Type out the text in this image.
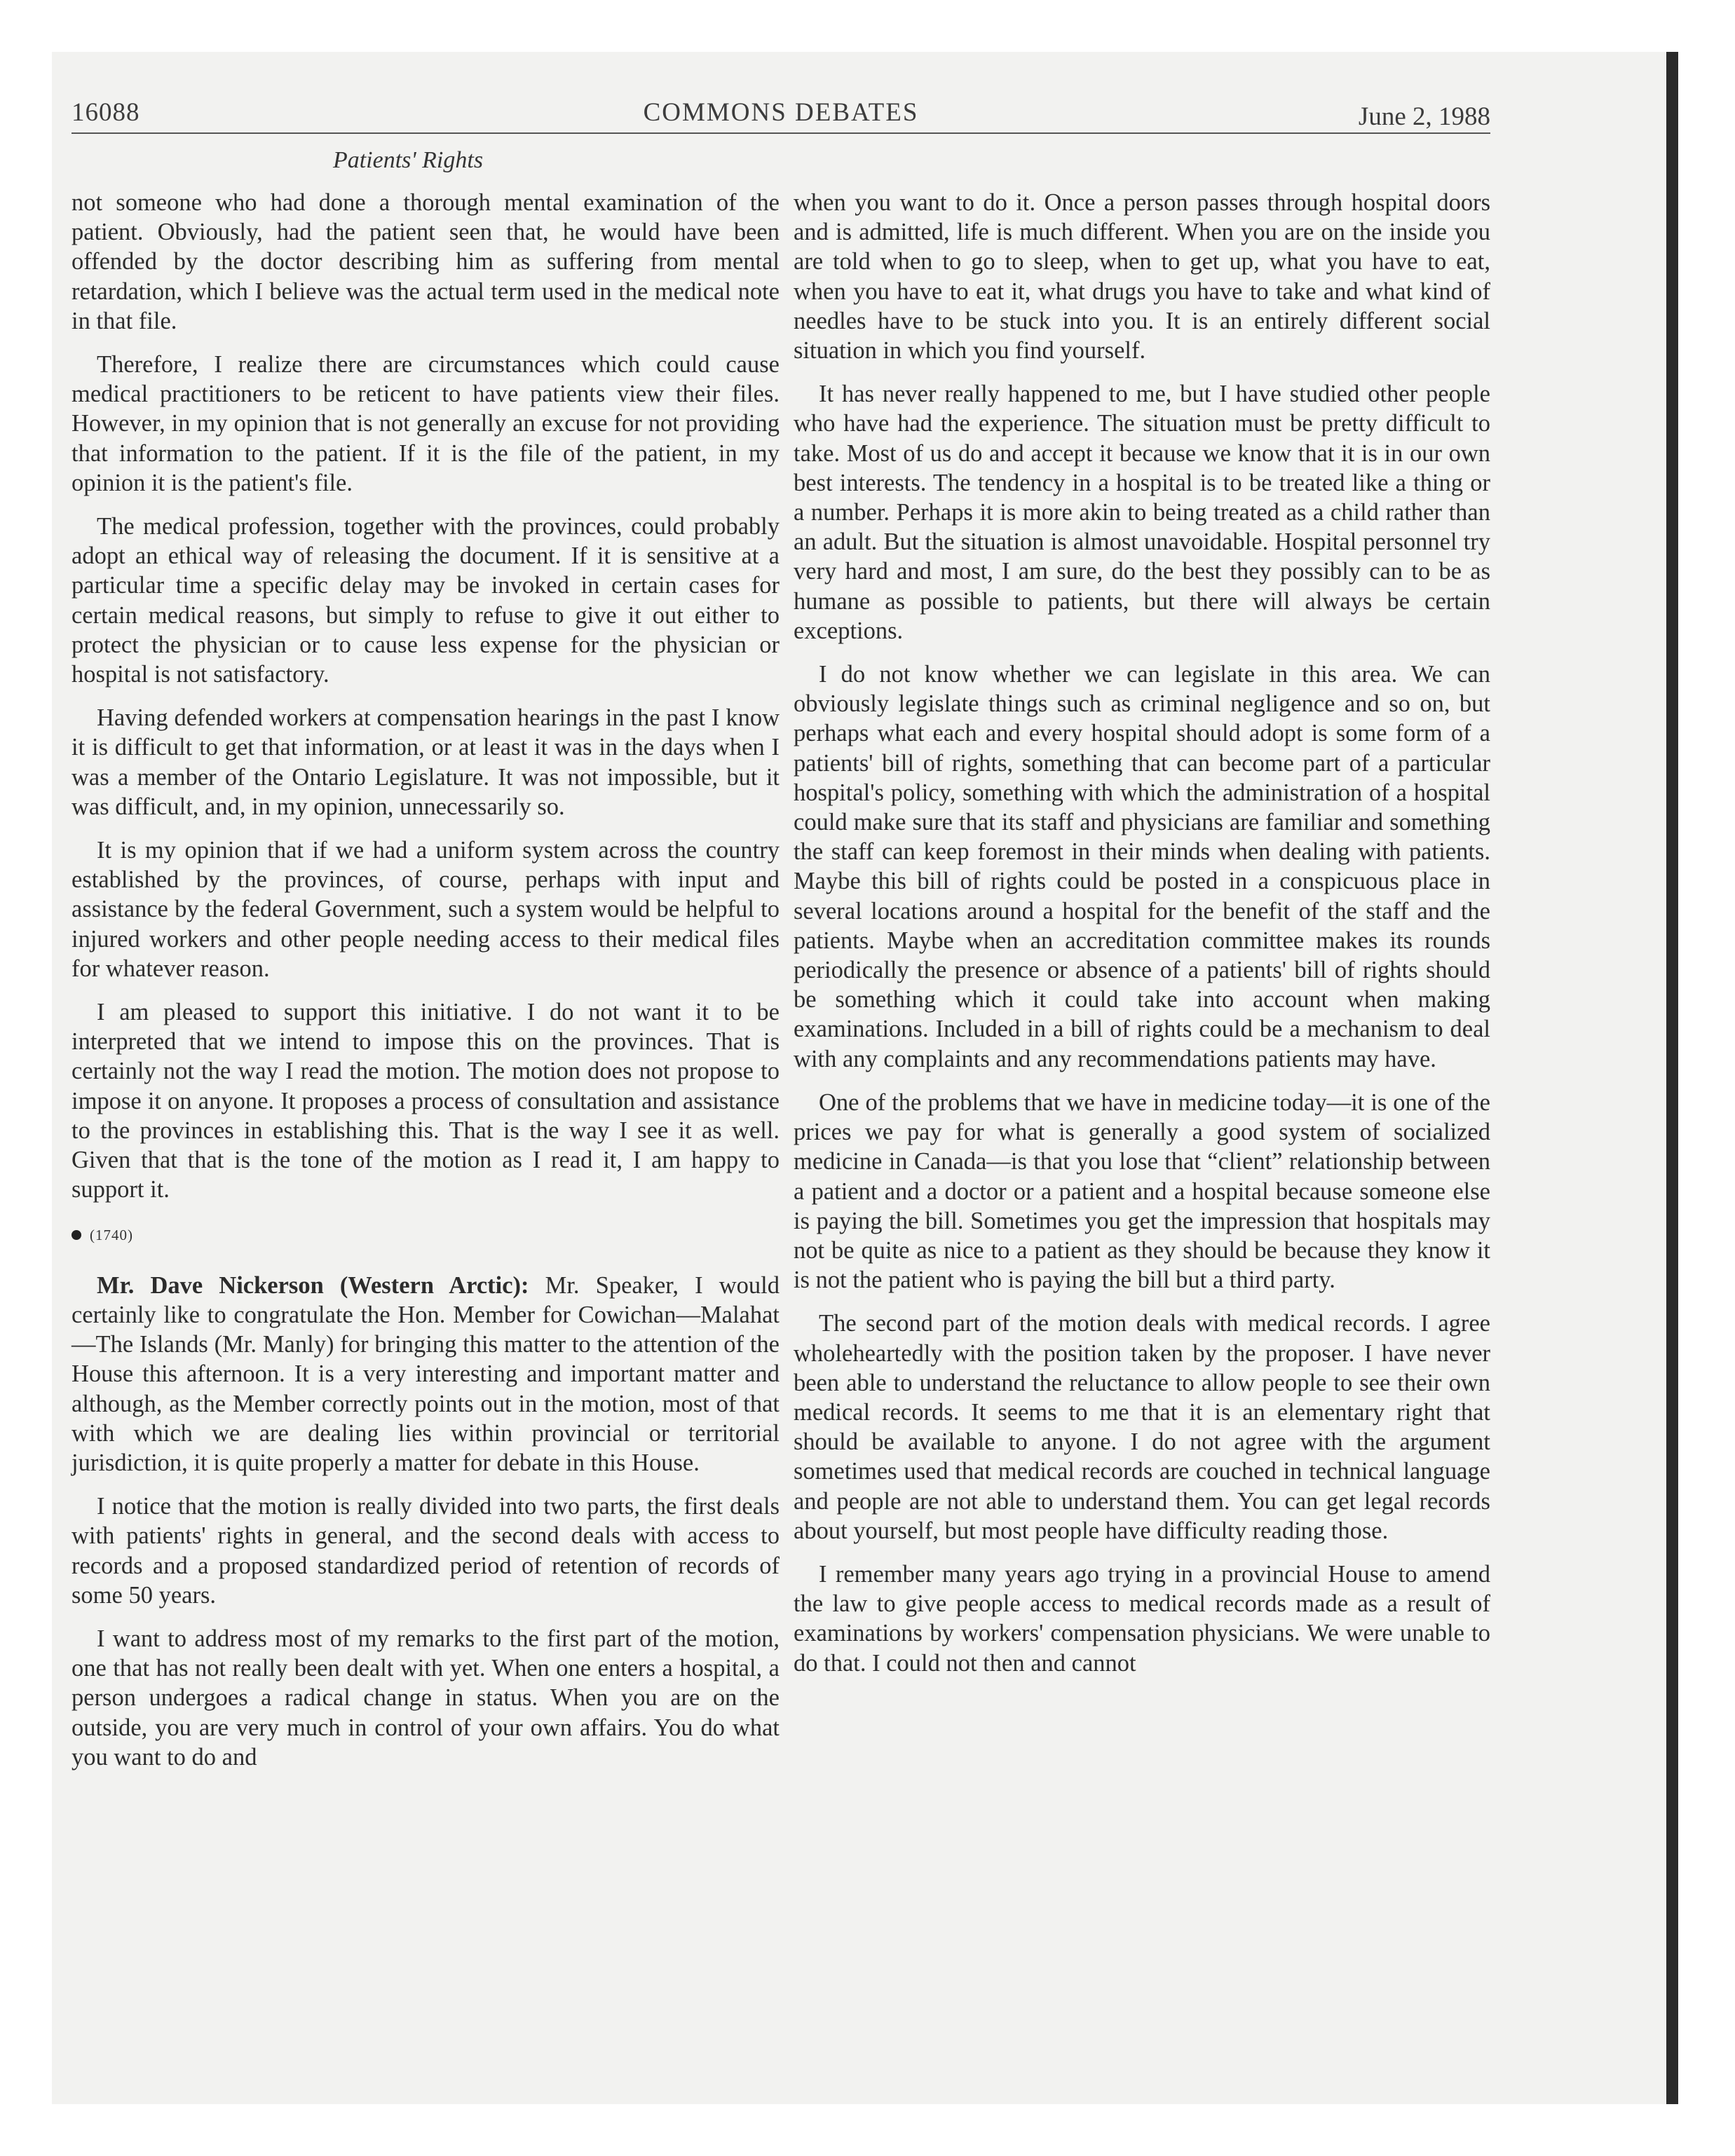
16088	COMMONS DEBATES	June 2, 1988
Patients' Rights

not someone who had done a thorough mental examination of the patient. Obviously, had the patient seen that, he would have been offended by the doctor describing him as suffering from mental retardation, which I believe was the actual term used in the medical note in that file.

Therefore, I realize there are circumstances which could cause medical practitioners to be reticent to have patients view their files. However, in my opinion that is not generally an excuse for not providing that information to the patient. If it is the file of the patient, in my opinion it is the patient's file.

The medical profession, together with the provinces, could probably adopt an ethical way of releasing the document. If it is sensitive at a particular time a specific delay may be invoked in certain cases for certain medical reasons, but simply to refuse to give it out either to protect the physician or to cause less expense for the physician or hospital is not satisfactory.

Having defended workers at compensation hearings in the past I know it is difficult to get that information, or at least it was in the days when I was a member of the Ontario Legislature. It was not impossible, but it was difficult, and, in my opinion, unnecessarily so.

It is my opinion that if we had a uniform system across the country established by the provinces, of course, perhaps with input and assistance by the federal Government, such a system would be helpful to injured workers and other people needing access to their medical files for whatever reason.

I am pleased to support this initiative. I do not want it to be interpreted that we intend to impose this on the provinces. That is certainly not the way I read the motion. The motion does not propose to impose it on anyone. It proposes a process of consultation and assistance to the provinces in establishing this. That is the way I see it as well. Given that that is the tone of the motion as I read it, I am happy to support it.

(1740)

Mr. Dave Nickerson (Western Arctic): Mr. Speaker, I would certainly like to congratulate the Hon. Member for Cowichan—Malahat—The Islands (Mr. Manly) for bringing this matter to the attention of the House this afternoon. It is a very interesting and important matter and although, as the Member correctly points out in the motion, most of that with which we are dealing lies within provincial or territorial jurisdiction, it is quite properly a matter for debate in this House.

I notice that the motion is really divided into two parts, the first deals with patients' rights in general, and the second deals with access to records and a proposed standardized period of retention of records of some 50 years.

I want to address most of my remarks to the first part of the motion, one that has not really been dealt with yet. When one enters a hospital, a person undergoes a radical change in status. When you are on the outside, you are very much in control of your own affairs. You do what you want to do and

when you want to do it. Once a person passes through hospital doors and is admitted, life is much different. When you are on the inside you are told when to go to sleep, when to get up, what you have to eat, when you have to eat it, what drugs you have to take and what kind of needles have to be stuck into you. It is an entirely different social situation in which you find yourself.

It has never really happened to me, but I have studied other people who have had the experience. The situation must be pretty difficult to take. Most of us do and accept it because we know that it is in our own best interests. The tendency in a hospital is to be treated like a thing or a number. Perhaps it is more akin to being treated as a child rather than an adult. But the situation is almost unavoidable. Hospital personnel try very hard and most, I am sure, do the best they possibly can to be as humane as possible to patients, but there will always be certain exceptions.

I do not know whether we can legislate in this area. We can obviously legislate things such as criminal negligence and so on, but perhaps what each and every hospital should adopt is some form of a patients' bill of rights, something that can become part of a particular hospital's policy, something with which the administration of a hospital could make sure that its staff and physicians are familiar and something the staff can keep foremost in their minds when dealing with patients. Maybe this bill of rights could be posted in a conspicuous place in several locations around a hospital for the benefit of the staff and the patients. Maybe when an accreditation committee makes its rounds periodically the presence or absence of a patients' bill of rights should be something which it could take into account when making examinations. Included in a bill of rights could be a mechanism to deal with any complaints and any recommendations patients may have.

One of the problems that we have in medicine today—it is one of the prices we pay for what is generally a good system of socialized medicine in Canada—is that you lose that “client” relationship between a patient and a doctor or a patient and a hospital because someone else is paying the bill. Sometimes you get the impression that hospitals may not be quite as nice to a patient as they should be because they know it is not the patient who is paying the bill but a third party.

The second part of the motion deals with medical records. I agree wholeheartedly with the position taken by the proposer. I have never been able to understand the reluctance to allow people to see their own medical records. It seems to me that it is an elementary right that should be available to anyone. I do not agree with the argument sometimes used that medical records are couched in technical language and people are not able to understand them. You can get legal records about yourself, but most people have difficulty reading those.

I remember many years ago trying in a provincial House to amend the law to give people access to medical records made as a result of examinations by workers' compensation physicians. We were unable to do that. I could not then and cannot
